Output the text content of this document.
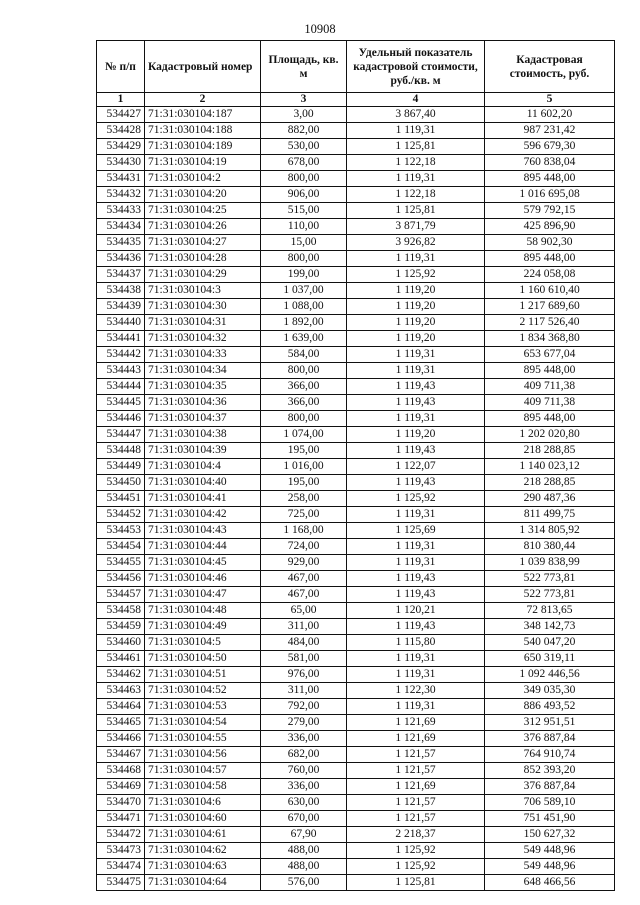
10908
№ п/п	Кадастровый номер	Площадь, кв. м	Удельный показатель кадастровой стоимости, руб./кв. м	Кадастровая стоимость, руб.
1	2	3	4	5
534427	71:31:030104:187	3,00	3 867,40	11 602,20
534428	71:31:030104:188	882,00	1 119,31	987 231,42
534429	71:31:030104:189	530,00	1 125,81	596 679,30
534430	71:31:030104:19	678,00	1 122,18	760 838,04
534431	71:31:030104:2	800,00	1 119,31	895 448,00
534432	71:31:030104:20	906,00	1 122,18	1 016 695,08
534433	71:31:030104:25	515,00	1 125,81	579 792,15
534434	71:31:030104:26	110,00	3 871,79	425 896,90
534435	71:31:030104:27	15,00	3 926,82	58 902,30
534436	71:31:030104:28	800,00	1 119,31	895 448,00
534437	71:31:030104:29	199,00	1 125,92	224 058,08
534438	71:31:030104:3	1 037,00	1 119,20	1 160 610,40
534439	71:31:030104:30	1 088,00	1 119,20	1 217 689,60
534440	71:31:030104:31	1 892,00	1 119,20	2 117 526,40
534441	71:31:030104:32	1 639,00	1 119,20	1 834 368,80
534442	71:31:030104:33	584,00	1 119,31	653 677,04
534443	71:31:030104:34	800,00	1 119,31	895 448,00
534444	71:31:030104:35	366,00	1 119,43	409 711,38
534445	71:31:030104:36	366,00	1 119,43	409 711,38
534446	71:31:030104:37	800,00	1 119,31	895 448,00
534447	71:31:030104:38	1 074,00	1 119,20	1 202 020,80
534448	71:31:030104:39	195,00	1 119,43	218 288,85
534449	71:31:030104:4	1 016,00	1 122,07	1 140 023,12
534450	71:31:030104:40	195,00	1 119,43	218 288,85
534451	71:31:030104:41	258,00	1 125,92	290 487,36
534452	71:31:030104:42	725,00	1 119,31	811 499,75
534453	71:31:030104:43	1 168,00	1 125,69	1 314 805,92
534454	71:31:030104:44	724,00	1 119,31	810 380,44
534455	71:31:030104:45	929,00	1 119,31	1 039 838,99
534456	71:31:030104:46	467,00	1 119,43	522 773,81
534457	71:31:030104:47	467,00	1 119,43	522 773,81
534458	71:31:030104:48	65,00	1 120,21	72 813,65
534459	71:31:030104:49	311,00	1 119,43	348 142,73
534460	71:31:030104:5	484,00	1 115,80	540 047,20
534461	71:31:030104:50	581,00	1 119,31	650 319,11
534462	71:31:030104:51	976,00	1 119,31	1 092 446,56
534463	71:31:030104:52	311,00	1 122,30	349 035,30
534464	71:31:030104:53	792,00	1 119,31	886 493,52
534465	71:31:030104:54	279,00	1 121,69	312 951,51
534466	71:31:030104:55	336,00	1 121,69	376 887,84
534467	71:31:030104:56	682,00	1 121,57	764 910,74
534468	71:31:030104:57	760,00	1 121,57	852 393,20
534469	71:31:030104:58	336,00	1 121,69	376 887,84
534470	71:31:030104:6	630,00	1 121,57	706 589,10
534471	71:31:030104:60	670,00	1 121,57	751 451,90
534472	71:31:030104:61	67,90	2 218,37	150 627,32
534473	71:31:030104:62	488,00	1 125,92	549 448,96
534474	71:31:030104:63	488,00	1 125,92	549 448,96
534475	71:31:030104:64	576,00	1 125,81	648 466,56
